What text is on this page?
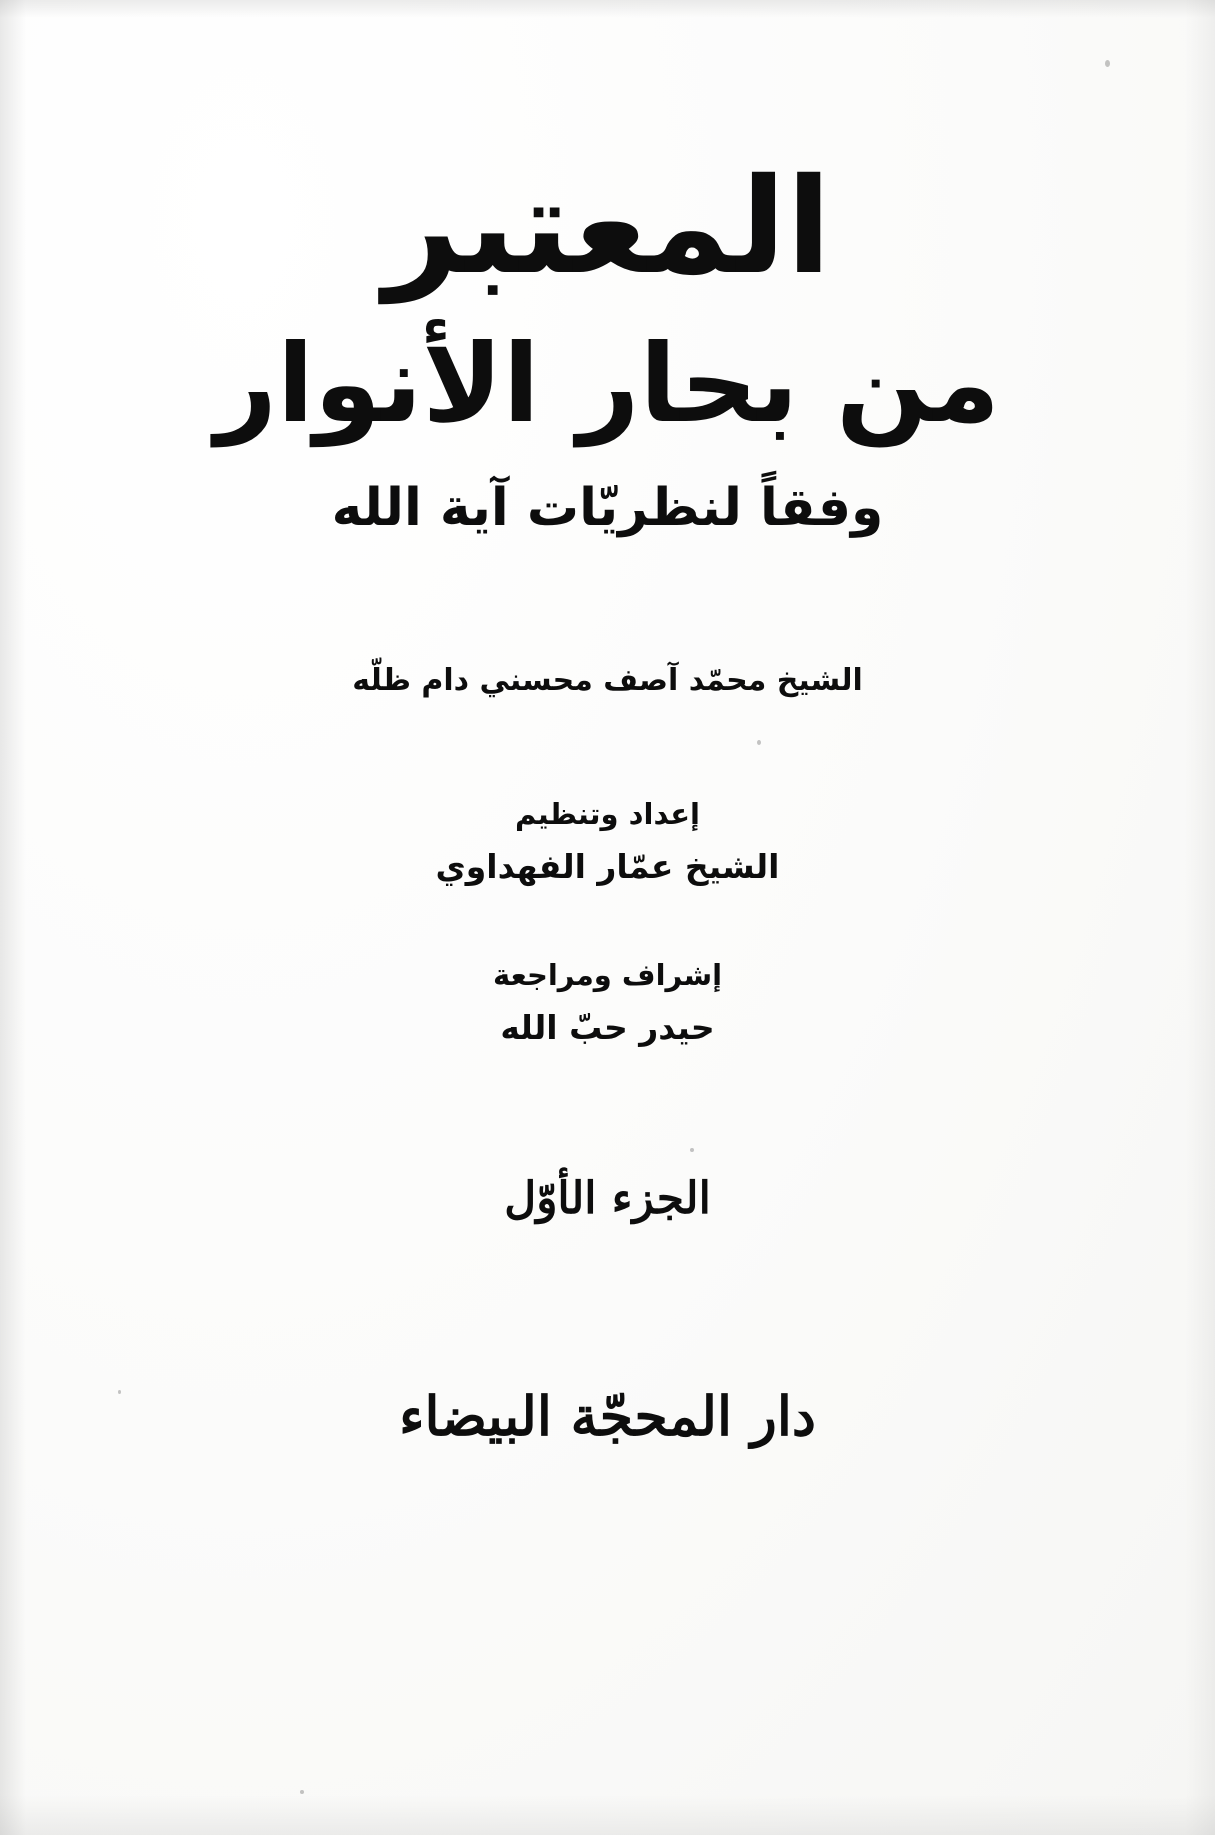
المعتبر
من بحار الأنوار
وفقاً لنظريّات آية الله
الشيخ محمّد آصف محسني دام ظلّه
إعداد وتنظيم
الشيخ عمّار الفهداوي
إشراف ومراجعة
حيدر حبّ الله
الجزء الأوّل
دار المحجّة البيضاء
